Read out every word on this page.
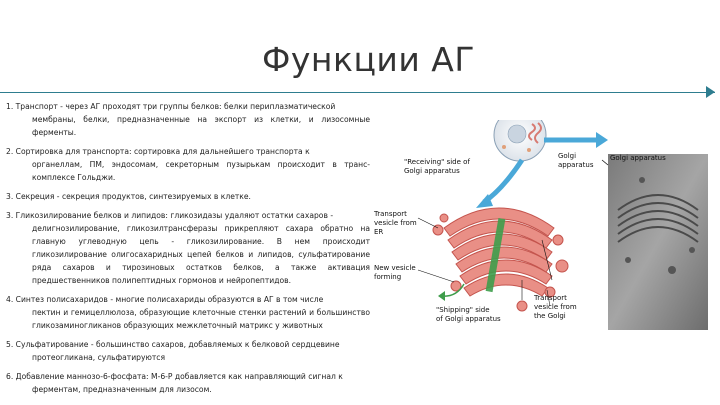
Функции АГ
1. Транспорт - через АГ проходят три группы белков: белки периплазматической
мембраны, белки, предназначенные на экспорт из клетки, и лизосомные ферменты.
2. Сортировка для транспорта: сортировка для дальнейшего транспорта к
органеллам, ПМ, эндосомам, секреторным пузырькам происходит в транс-комплексе Гольджи.
3. Секреция - секреция продуктов, синтезируемых в клетке.
3. Гликозилирование белков и липидов: гликозидазы удаляют остатки сахаров -
делигнозилирование, гликозилтрансферазы прикрепляют сахара обратно на главную углеводную цепь - гликозилирование. В нем происходит гликозилирование олигосахаридных цепей белков и липидов, сульфатирование ряда сахаров и тирозиновых остатков белков, а также активация предшественников полипептидных гормонов и нейропептидов.
4. Синтез полисахаридов - многие полисахариды образуются в АГ в том числе
пектин и гемицеллюлоза, образующие клеточные стенки растений и большинство гликозаминогликанов образующих межклеточный матрикс у животных
5. Сульфатирование - большинство сахаров, добавляемых к белковой сердцевине
протеогликана, сульфатируются
6. Добавление маннозо-6-фосфата: М-6-Р добавляется как направляющий сигнал к
ферментам, предназначенным для лизосом.
"Receiving" side of
Golgi apparatus
Golgi
apparatus
Golgi apparatus
Transport
vesicle from
ER
New vesicle
forming
"Shipping" side
of Golgi apparatus
Transport
vesicle from
the Golgi
